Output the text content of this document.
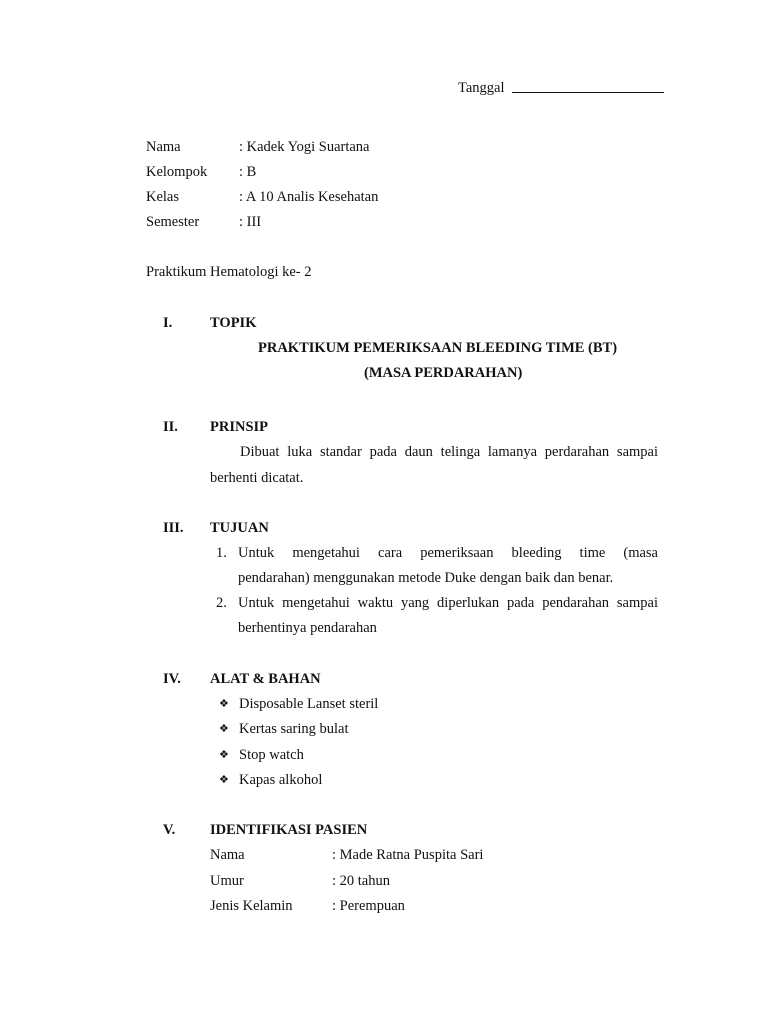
Tanggal
Nama	: Kadek Yogi Suartana
Kelompok : B
Kelas	: A 10 Analis Kesehatan
Semester	: III
Praktikum Hematologi ke- 2
I.	TOPIK
PRAKTIKUM PEMERIKSAAN BLEEDING TIME (BT)
(MASA PERDARAHAN)
II. PRINSIP
Dibuat luka standar pada daun telinga lamanya perdarahan sampai
berhenti dicatat.
III. TUJUAN
1. Untuk mengetahui cara pemeriksaan bleeding time (masa
pendarahan) menggunakan metode Duke dengan baik dan benar.
2. Untuk mengetahui waktu yang diperlukan pada pendarahan sampai
berhentinya pendarahan
IV. ALAT & BAHAN
❖ Disposable Lanset steril
❖ Kertas saring bulat
❖ Stop watch
❖ Kapas alkohol
V. IDENTIFIKASI PASIEN
Nama	: Made Ratna Puspita Sari
Umur	: 20 tahun
Jenis Kelamin	: Perempuan
